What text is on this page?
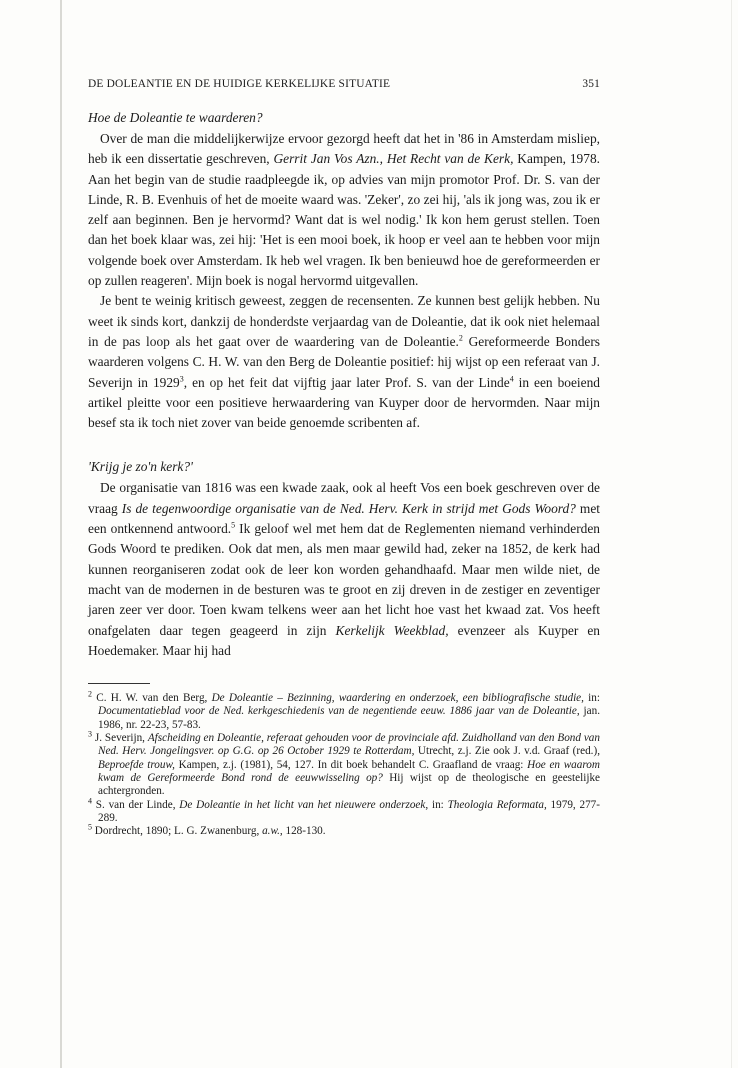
DE DOLEANTIE EN DE HUIDIGE KERKELIJKE SITUATIE	351
Hoe de Doleantie te waarderen?

Over de man die middelijkerwijze ervoor gezorgd heeft dat het in '86 in Amsterdam misliep, heb ik een dissertatie geschreven, Gerrit Jan Vos Azn., Het Recht van de Kerk, Kampen, 1978. Aan het begin van de studie raadpleegde ik, op advies van mijn promotor Prof. Dr. S. van der Linde, R. B. Evenhuis of het de moeite waard was. 'Zeker', zo zei hij, 'als ik jong was, zou ik er zelf aan beginnen. Ben je hervormd? Want dat is wel nodig.' Ik kon hem gerust stellen. Toen dan het boek klaar was, zei hij: 'Het is een mooi boek, ik hoop er veel aan te hebben voor mijn volgende boek over Amsterdam. Ik heb wel vragen. Ik ben benieuwd hoe de gereformeerden er op zullen reageren'. Mijn boek is nogal hervormd uitgevallen.

Je bent te weinig kritisch geweest, zeggen de recensenten. Ze kunnen best gelijk hebben. Nu weet ik sinds kort, dankzij de honderdste verjaardag van de Doleantie, dat ik ook niet helemaal in de pas loop als het gaat over de waardering van de Doleantie.$^2$ Gereformeerde Bonders waarderen volgens C. H. W. van den Berg de Doleantie positief: hij wijst op een referaat van J. Severijn in 1929$^3$, en op het feit dat vijftig jaar later Prof. S. van der Linde$^4$ in een boeiend artikel pleitte voor een positieve herwaardering van Kuyper door de hervormden. Naar mijn besef sta ik toch niet zover van beide genoemde scribenten af.

'Krijg je zo'n kerk?'

De organisatie van 1816 was een kwade zaak, ook al heeft Vos een boek geschreven over de vraag Is de tegenwoordige organisatie van de Ned. Herv. Kerk in strijd met Gods Woord? met een ontkennend antwoord.$^5$ Ik geloof wel met hem dat de Reglementen niemand verhinderden Gods Woord te prediken. Ook dat men, als men maar gewild had, zeker na 1852, de kerk had kunnen reorganiseren zodat ook de leer kon worden gehandhaafd. Maar men wilde niet, de macht van de modernen in de besturen was te groot en zij dreven in de zestiger en zeventiger jaren zeer ver door. Toen kwam telkens weer aan het licht hoe vast het kwaad zat. Vos heeft onafgelaten daar tegen geageerd in zijn Kerkelijk Weekblad, evenzeer als Kuyper en Hoedemaker. Maar hij had

$^2$ C. H. W. van den Berg, De Doleantie – Bezinning, waardering en onderzoek, een bibliografische studie, in: Documentatieblad voor de Ned. kerkgeschiedenis van de negentiende eeuw. 1886 jaar van de Doleantie, jan. 1986, nr. 22-23, 57-83.

$^3$ J. Severijn, Afscheiding en Doleantie, referaat gehouden voor de provinciale afd. Zuidholland van den Bond van Ned. Herv. Jongelingsver. op G.G. op 26 October 1929 te Rotterdam, Utrecht, z.j. Zie ook J. v.d. Graaf (red.), Beproefde trouw, Kampen, z.j. (1981), 54, 127. In dit boek behandelt C. Graafland de vraag: Hoe en waarom kwam de Gereformeerde Bond rond de eeuwwisseling op? Hij wijst op de theologische en geestelijke achtergronden.

$^4$ S. van der Linde, De Doleantie in het licht van het nieuwere onderzoek, in: Theologia Reformata, 1979, 277-289.

$^5$ Dordrecht, 1890; L. G. Zwanenburg, a.w., 128-130.
